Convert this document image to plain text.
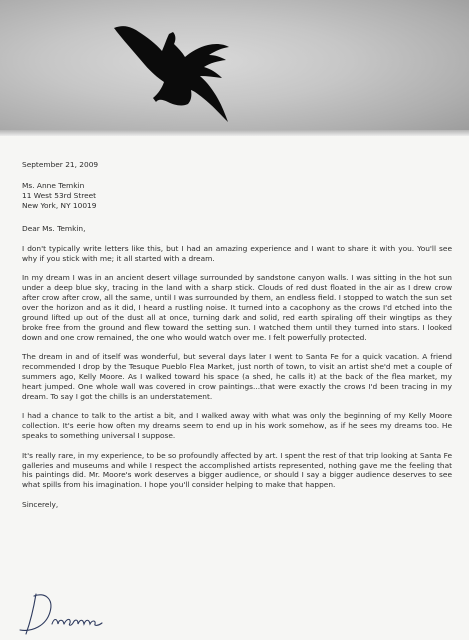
September 21, 2009
Ms. Anne Temkin
11 West 53rd Street
New York, NY 10019
Dear Ms. Temkin,

I don't typically write letters like this, but I had an amazing experience and I want to share it with you. You'll see why if you stick with me; it all started with a dream.

In my dream I was in an ancient desert village surrounded by sandstone canyon walls. I was sitting in the hot sun under a deep blue sky, tracing in the land with a sharp stick. Clouds of red dust floated in the air as I drew crow after crow after crow, all the same, until I was surrounded by them, an endless field. I stopped to watch the sun set over the horizon and as it did, I heard a rustling noise. It turned into a cacophony as the crows I'd etched into the ground lifted up out of the dust all at once, turning dark and solid, red earth spiraling off their wingtips as they broke free from the ground and flew toward the setting sun. I watched them until they turned into stars. I looked down and one crow remained, the one who would watch over me. I felt powerfully protected.

The dream in and of itself was wonderful, but several days later I went to Santa Fe for a quick vacation. A friend recommended I drop by the Tesuque Pueblo Flea Market, just north of town, to visit an artist she'd met a couple of summers ago, Kelly Moore. As I walked toward his space (a shed, he calls it) at the back of the flea market, my heart jumped. One whole wall was covered in crow paintings...that were exactly the crows I'd been tracing in my dream. To say I got the chills is an understatement.

I had a chance to talk to the artist a bit, and I walked away with what was only the beginning of my Kelly Moore collection. It's eerie how often my dreams seem to end up in his work somehow, as if he sees my dreams too. He speaks to something universal I suppose.

It's really rare, in my experience, to be so profoundly affected by art. I spent the rest of that trip looking at Santa Fe galleries and museums and while I respect the accomplished artists represented, nothing gave me the feeling that his paintings did. Mr. Moore's work deserves a bigger audience, or should I say a bigger audience deserves to see what spills from his imagination. I hope you'll consider helping to make that happen.

Sincerely,
